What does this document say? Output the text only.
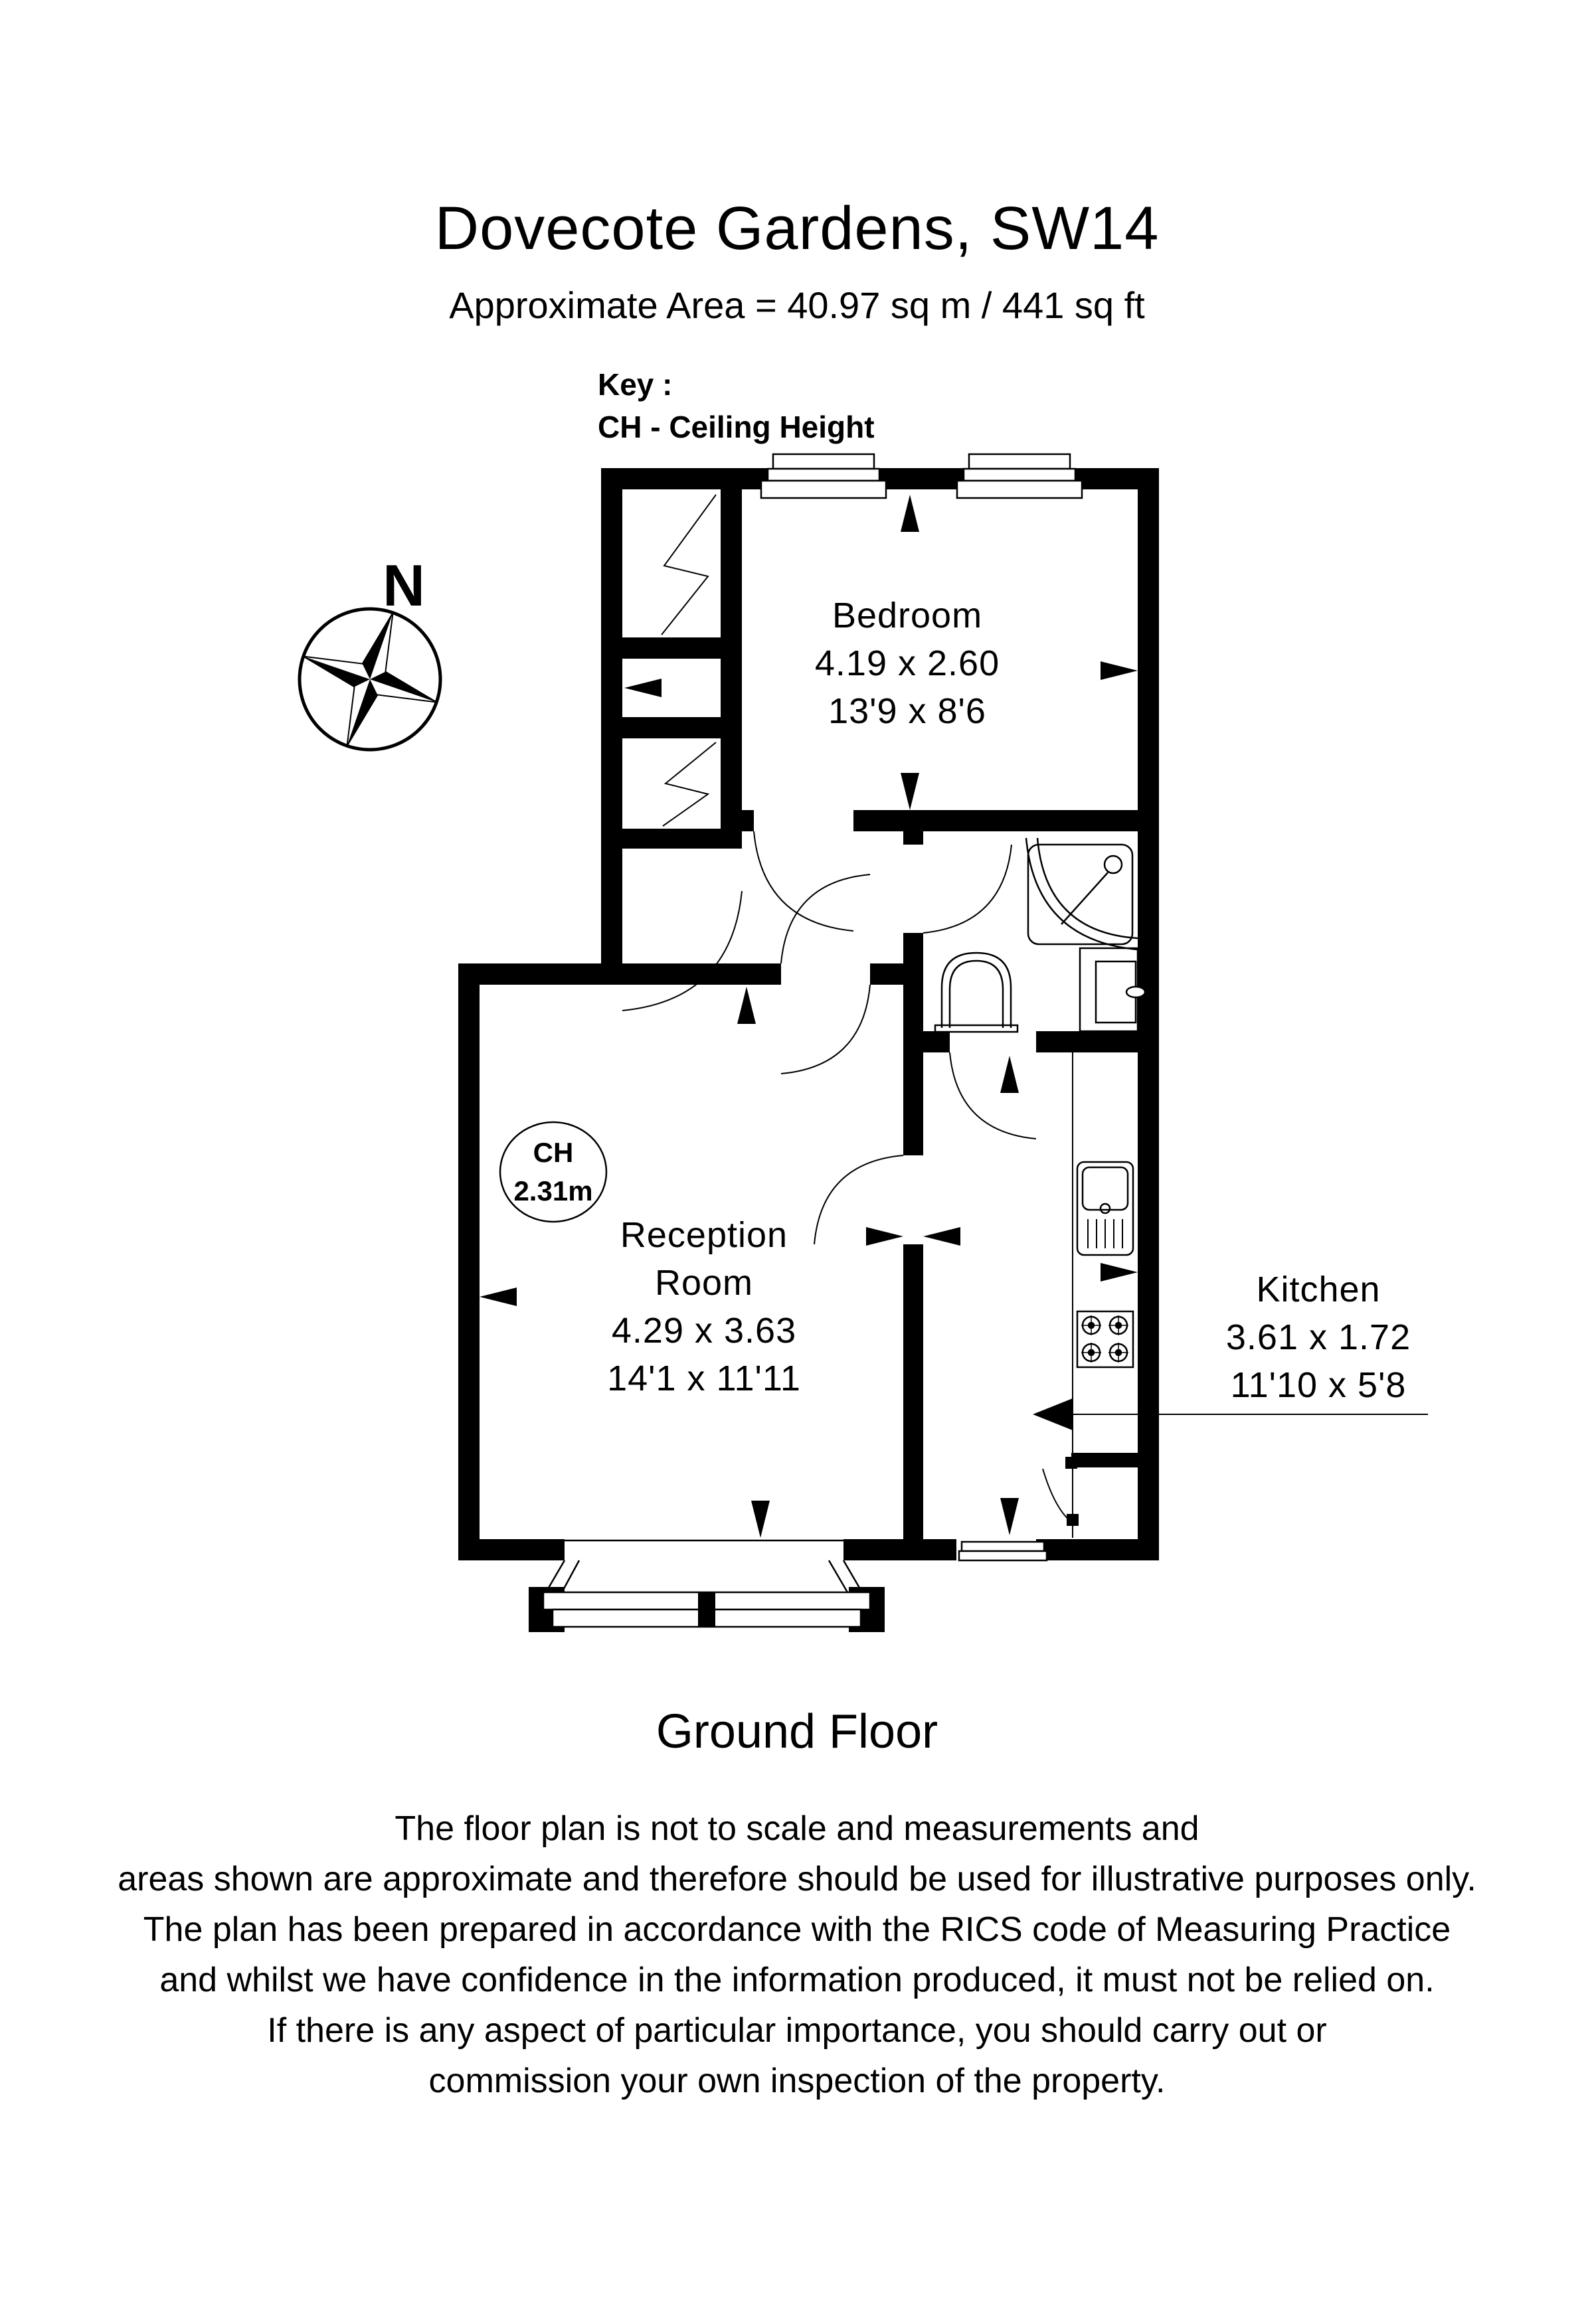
Dovecote Gardens, SW14
Approximate Area = 40.97 sq m / 441 sq ft
Key :
CH - Ceiling Height
N
CH
2.31m
Bedroom
4.19 x 2.60
13'9 x 8'6
Reception
Room
4.29 x 3.63
14'1 x 11'11
Kitchen
3.61 x 1.72
11'10 x 5'8
Ground Floor
The floor plan is not to scale and measurements and
areas shown are approximate and therefore should be used for illustrative purposes only.
The plan has been prepared in accordance with the RICS code of Measuring Practice
and whilst we have confidence in the information produced, it must not be relied on.
If there is any aspect of particular importance, you should carry out or
commission your own inspection of the property.
